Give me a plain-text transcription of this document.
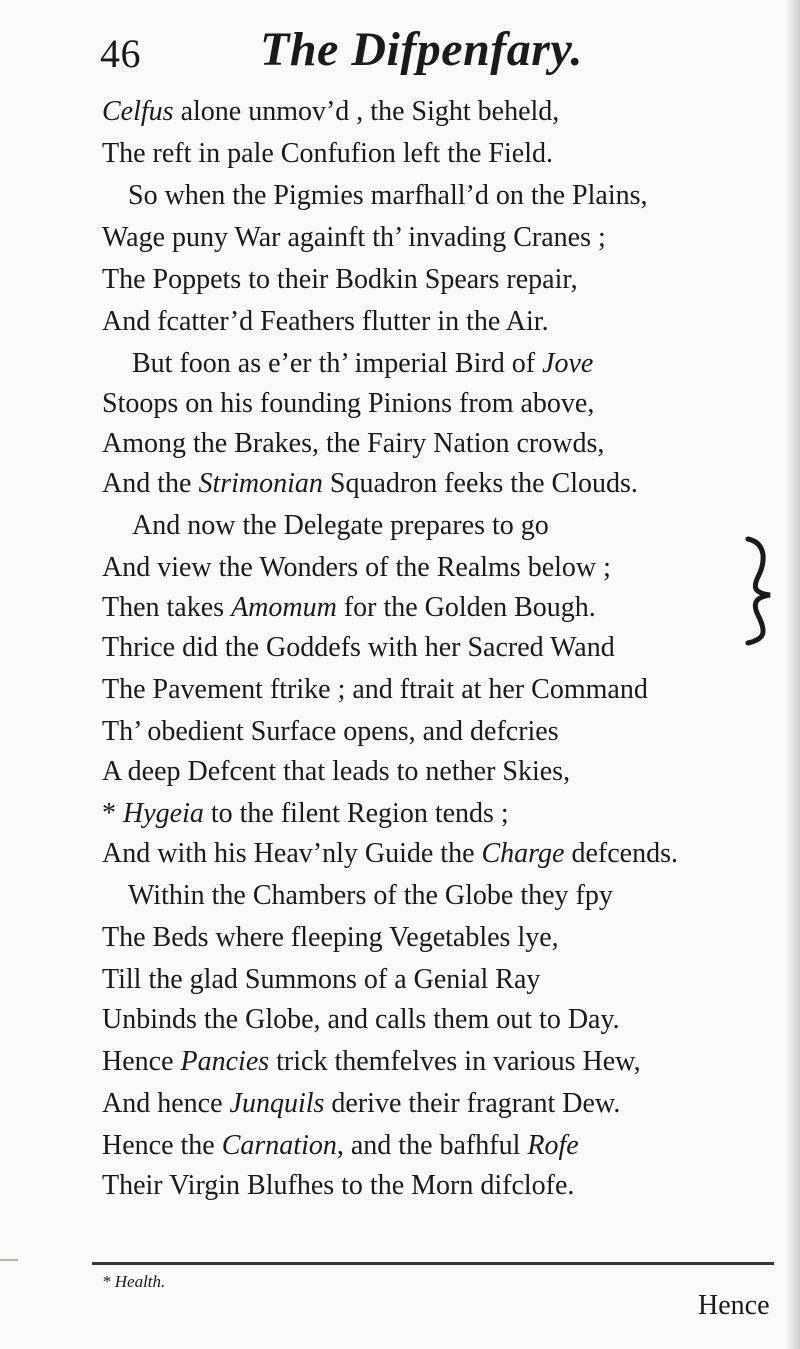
46 The Difpenfary.
Celfus alone unmov’d , the Sight beheld,
The reft in pale Confufion left the Field.
So when the Pigmies marfhall’d on the Plains,
Wage puny War againft th’ invading Cranes ;
The Poppets to their Bodkin Spears repair,
And fcatter’d Feathers flutter in the Air.
But foon as e’er th’ imperial Bird of Jove
Stoops on his founding Pinions from above,
Among the Brakes, the Fairy Nation crowds,
And the Strimonian Squadron feeks the Clouds.
And now the Delegate prepares to go
And view the Wonders of the Realms below ;
Then takes Amomum for the Golden Bough.
Thrice did the Goddefs with her Sacred Wand
The Pavement ftrike ; and ftrait at her Command
Th’ obedient Surface opens, and defcries
A deep Defcent that leads to nether Skies,
* Hygeia to the filent Region tends ;
And with his Heav’nly Guide the Charge defcends.
Within the Chambers of the Globe they fpy
The Beds where fleeping Vegetables lye,
Till the glad Summons of a Genial Ray
Unbinds the Globe, and calls them out to Day.
Hence Pancies trick themfelves in various Hew,
And hence Junquils derive their fragrant Dew.
Hence the Carnation, and the bafhful Rofe
Their Virgin Blufhes to the Morn difclofe.
* Health.
Hence
